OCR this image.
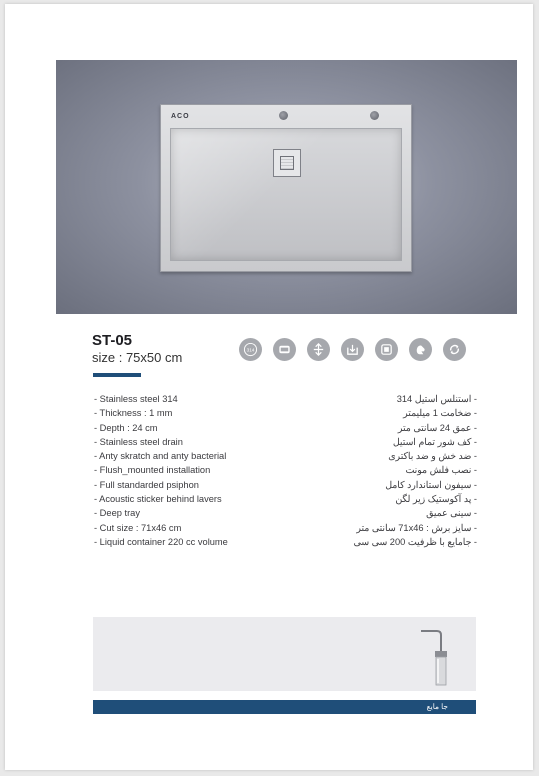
ACO
ST-05
size : 75x50 cm
314
- Stainless steel 314
- Thickness : 1 mm
- Depth : 24 cm
- Stainless steel drain
- Anty skratch and anty bacterial
- Flush_mounted installation
- Full standarded psiphon
- Acoustic sticker behind lavers
- Deep tray
- Cut size : 71x46 cm
- Liquid container 220 cc volume
- استنلس استیل 314
- ضخامت 1 میلیمتر
- عمق 24 سانتی متر
- کف شور تمام استیل
- ضد خش و ضد باکتری
- نصب فلش مونت
- سیفون استاندارد کامل
- پد آکوستیک زیر لگن
- سینی عمیق
- سایز برش : 71x46 سانتی متر
- جامایع با ظرفیت 200 سی سی
جا مایع
